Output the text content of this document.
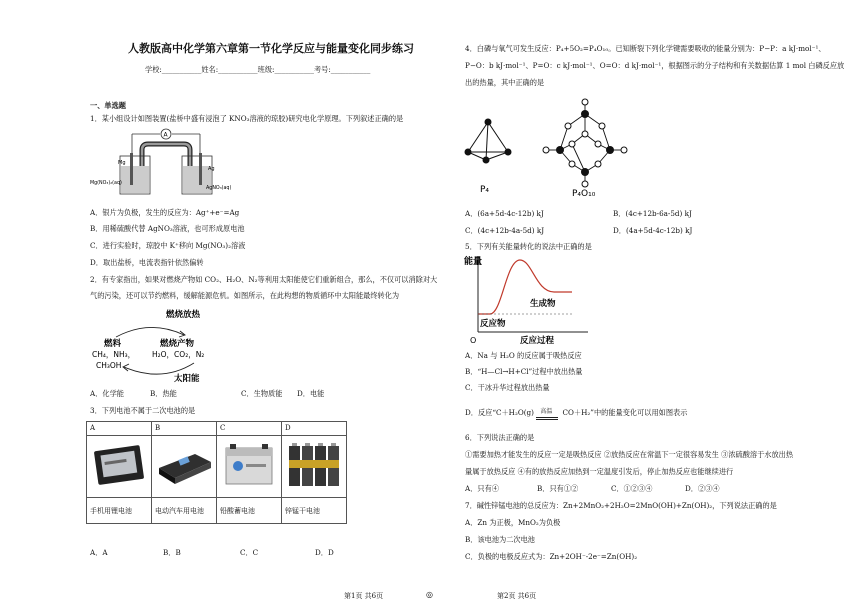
人教版高中化学第六章第一节化学反应与能量变化同步练习
学校:___________姓名:___________班级:___________考号:___________
一、单选题
1．某小组设计如图装置(盐桥中盛有浸泡了 KNO₃溶液的琼胶)研究电化学原理。下列叙述正确的是
A
Mg
Ag
Mg(NO₃)₂(aq)
AgNO₃(aq)
A．银片为负极，发生的反应为：Ag⁺+e⁻=Ag
B．用稀硫酸代替 AgNO₃溶液，也可形成原电池
C．进行实验时，琼胶中 K⁺移向 Mg(NO₃)₂溶液
D．取出盐桥，电流表指针依然偏转
2．有专家指出，如果对燃烧产物如 CO₂、H₂O、N₂等利用太阳能使它们重新组合，那么，不仅可以消除对大
气的污染，还可以节约燃料，缓解能源危机。如图所示，在此构想的物质循环中太阳能最终转化为
燃烧放热
燃料
CH₄，NH₃，
CH₃OH
燃烧产物
H₂O，CO₂，N₂
太阳能
A．化学能	B．热能	C．生物质能 D．电能
3．下列电池不属于二次电池的是
A	B	C	D

手机用锂电池	电动汽车用电池	铅酸蓄电池	锌锰干电池
A．A	B．B	C．C	D．D
第1页 共6页	◎
4．白磷与氧气可发生反应：P₄+5O₂=P₄O₁₀。已知断裂下列化学键需要吸收的能量分别为：P−P：a kJ·mol⁻¹、
P−O：b kJ·mol⁻¹、P=O：c kJ·mol⁻¹、O=O：d kJ·mol⁻¹，根据图示的分子结构和有关数据估算 1 mol 白磷反应放
出的热量，其中正确的是
P₄	P₄O₁₀
A．(6a+5d-4c-12b) kJ	B．(4c+12b-6a-5d) kJ
C．(4c+12b-4a-5d) kJ	D．(4a+5d-4c-12b) kJ
5．下列有关能量转化的说法中正确的是
能量
生成物
反应物
O	反应过程
A．Na 与 H₂O 的反应属于吸热反应
B．“H—Cl→H+Cl”过程中放出热量
C．干冰升华过程放出热量
D．反应“C＋H₂O(g) 高温 CO＋H₂”中的能量变化可以用如图表示
6．下列说法正确的是
①需要加热才能发生的反应一定是吸热反应 ②放热反应在常温下一定很容易发生 ③浓硫酸溶于水放出热
量属于放热反应 ④有的放热反应加热到一定温度引发后，停止加热反应也能继续进行
A．只有④	B．只有①②	C．①②③④	D．②③④
7．碱性锌锰电池的总反应为：Zn+2MnO₂+2H₂O=2MnO(OH)+Zn(OH)₂，下列说法正确的是
A．Zn 为正极，MnO₂为负极
B．该电池为二次电池
C．负极的电极反应式为：Zn+2OH⁻-2e⁻=Zn(OH)₂
第2页 共6页
